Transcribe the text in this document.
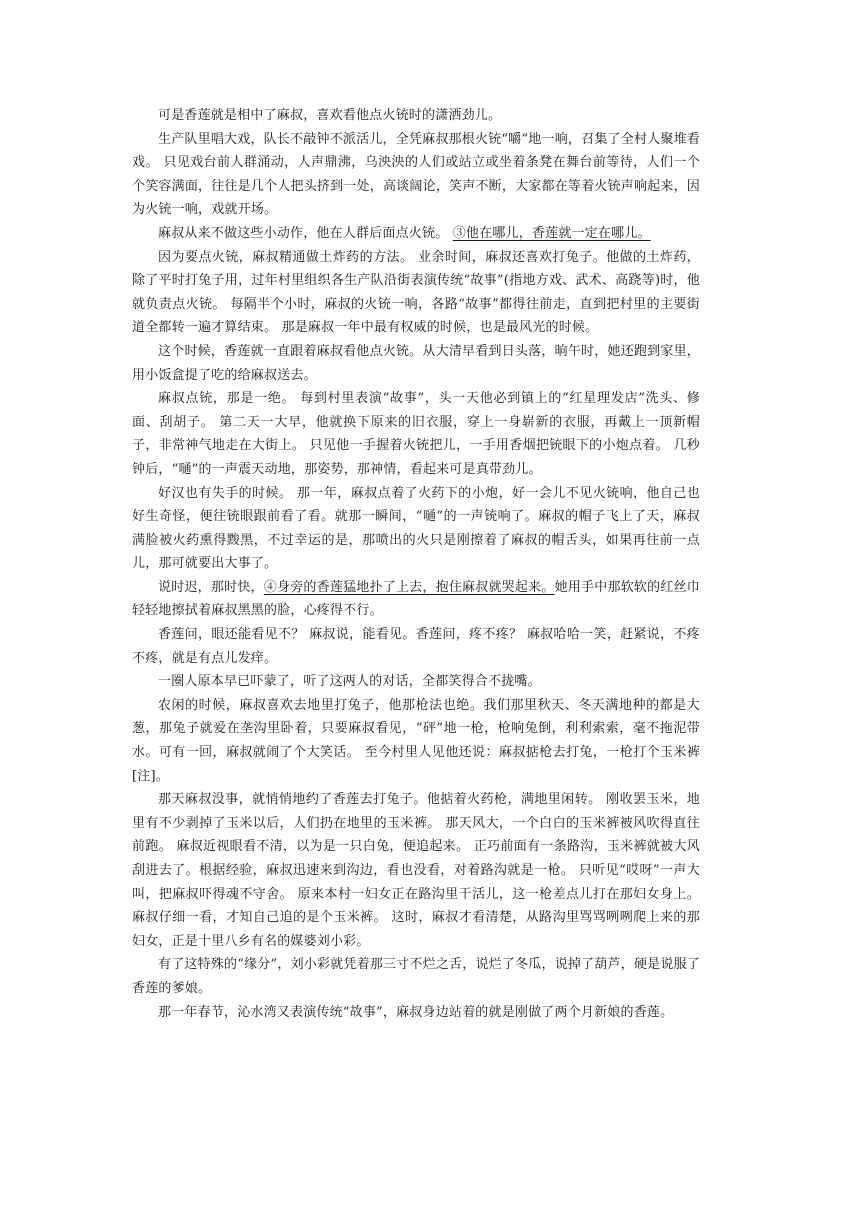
可是香莲就是相中了麻叔，喜欢看他点火铳时的潇洒劲儿。

生产队里唱大戏，队长不敲钟不派活儿，全凭麻叔那根火铳“嚼”地一响，召集了全村人聚堆看戏。 只见戏台前人群涌动，人声鼎沸，乌泱泱的人们或站立或坐着条凳在舞台前等待，人们一个个笑容满面，往往是几个人把头挤到一处，高谈阔论，笑声不断，大家都在等着火铳声响起来，因为火铳一响，戏就开场。

麻叔从来不做这些小动作，他在人群后面点火铳。 ③他在哪儿，香莲就一定在哪儿。

因为要点火铳，麻叔精通做土炸药的方法。 业余时间，麻叔还喜欢打兔子。他做的土炸药，除了平时打兔子用，过年村里组织各生产队沿街表演传统“故事”(指地方戏、武术、高跷等)时，他就负责点火铳。 每隔半个小时，麻叔的火铳一响，各路“故事”都得往前走，直到把村里的主要街道全都转一遍才算结束。 那是麻叔一年中最有权威的时候，也是最风光的时候。

这个时候，香莲就一直跟着麻叔看他点火铳。从大清早看到日头落，晌午时，她还跑到家里，用小饭盒提了吃的给麻叔送去。

麻叔点铳，那是一绝。 每到村里表演“故事”，头一天他必到镇上的“红星理发店”洗头、修面、刮胡子。 第二天一大早，他就换下原来的旧衣服，穿上一身崭新的衣服，再戴上一顶新帽子，非常神气地走在大街上。 只见他一手握着火铳把儿，一手用香烟把铳眼下的小炮点着。 几秒钟后，“嗵”的一声震天动地，那姿势，那神情，看起来可是真带劲儿。

好汉也有失手的时候。 那一年，麻叔点着了火药下的小炮，好一会儿不见火铳响，他自己也好生奇怪，便往铳眼跟前看了看。就那一瞬间，“嗵”的一声铳响了。麻叔的帽子飞上了天，麻叔满脸被火药熏得黢黑，不过幸运的是，那喷出的火只是刚擦着了麻叔的帽舌头，如果再往前一点儿，那可就要出大事了。

说时迟，那时快，④身旁的香莲猛地扑了上去，抱住麻叔就哭起来。她用手中那软软的红丝巾轻轻地擦拭着麻叔黑黑的脸，心疼得不行。

香莲问，眼还能看见不？ 麻叔说，能看见。香莲问，疼不疼？ 麻叔哈哈一笑，赶紧说，不疼不疼，就是有点儿发痒。

一圈人原本早已吓蒙了，听了这两人的对话，全都笑得合不拢嘴。

农闲的时候，麻叔喜欢去地里打兔子，他那枪法也绝。我们那里秋天、冬天满地种的都是大葱，那兔子就爱在垄沟里卧着，只要麻叔看见，“砰”地一枪，枪响兔倒，利利索索，毫不拖泥带水。可有一回，麻叔就闹了个大笑话。 至今村里人见他还说：麻叔掂枪去打兔，一枪打个玉米裤[注]。

那天麻叔没事，就悄悄地约了香莲去打兔子。他掂着火药枪，满地里闲转。 刚收罢玉米，地里有不少剥掉了玉米以后，人们扔在地里的玉米裤。 那天风大，一个白白的玉米裤被风吹得直往前跑。 麻叔近视眼看不清，以为是一只白兔，便追起来。 正巧前面有一条路沟，玉米裤就被大风刮进去了。根据经验，麻叔迅速来到沟边，看也没看，对着路沟就是一枪。 只听见“哎呀”一声大叫，把麻叔吓得魂不守舍。 原来本村一妇女正在路沟里干活儿，这一枪差点儿打在那妇女身上。麻叔仔细一看，才知自己追的是个玉米裤。 这时，麻叔才看清楚，从路沟里骂骂咧咧爬上来的那妇女，正是十里八乡有名的媒婆刘小彩。

有了这特殊的“缘分”，刘小彩就凭着那三寸不烂之舌，说烂了冬瓜，说掉了葫芦，硬是说服了香莲的爹娘。

那一年春节，沁水湾又表演传统“故事”，麻叔身边站着的就是刚做了两个月新娘的香莲。
